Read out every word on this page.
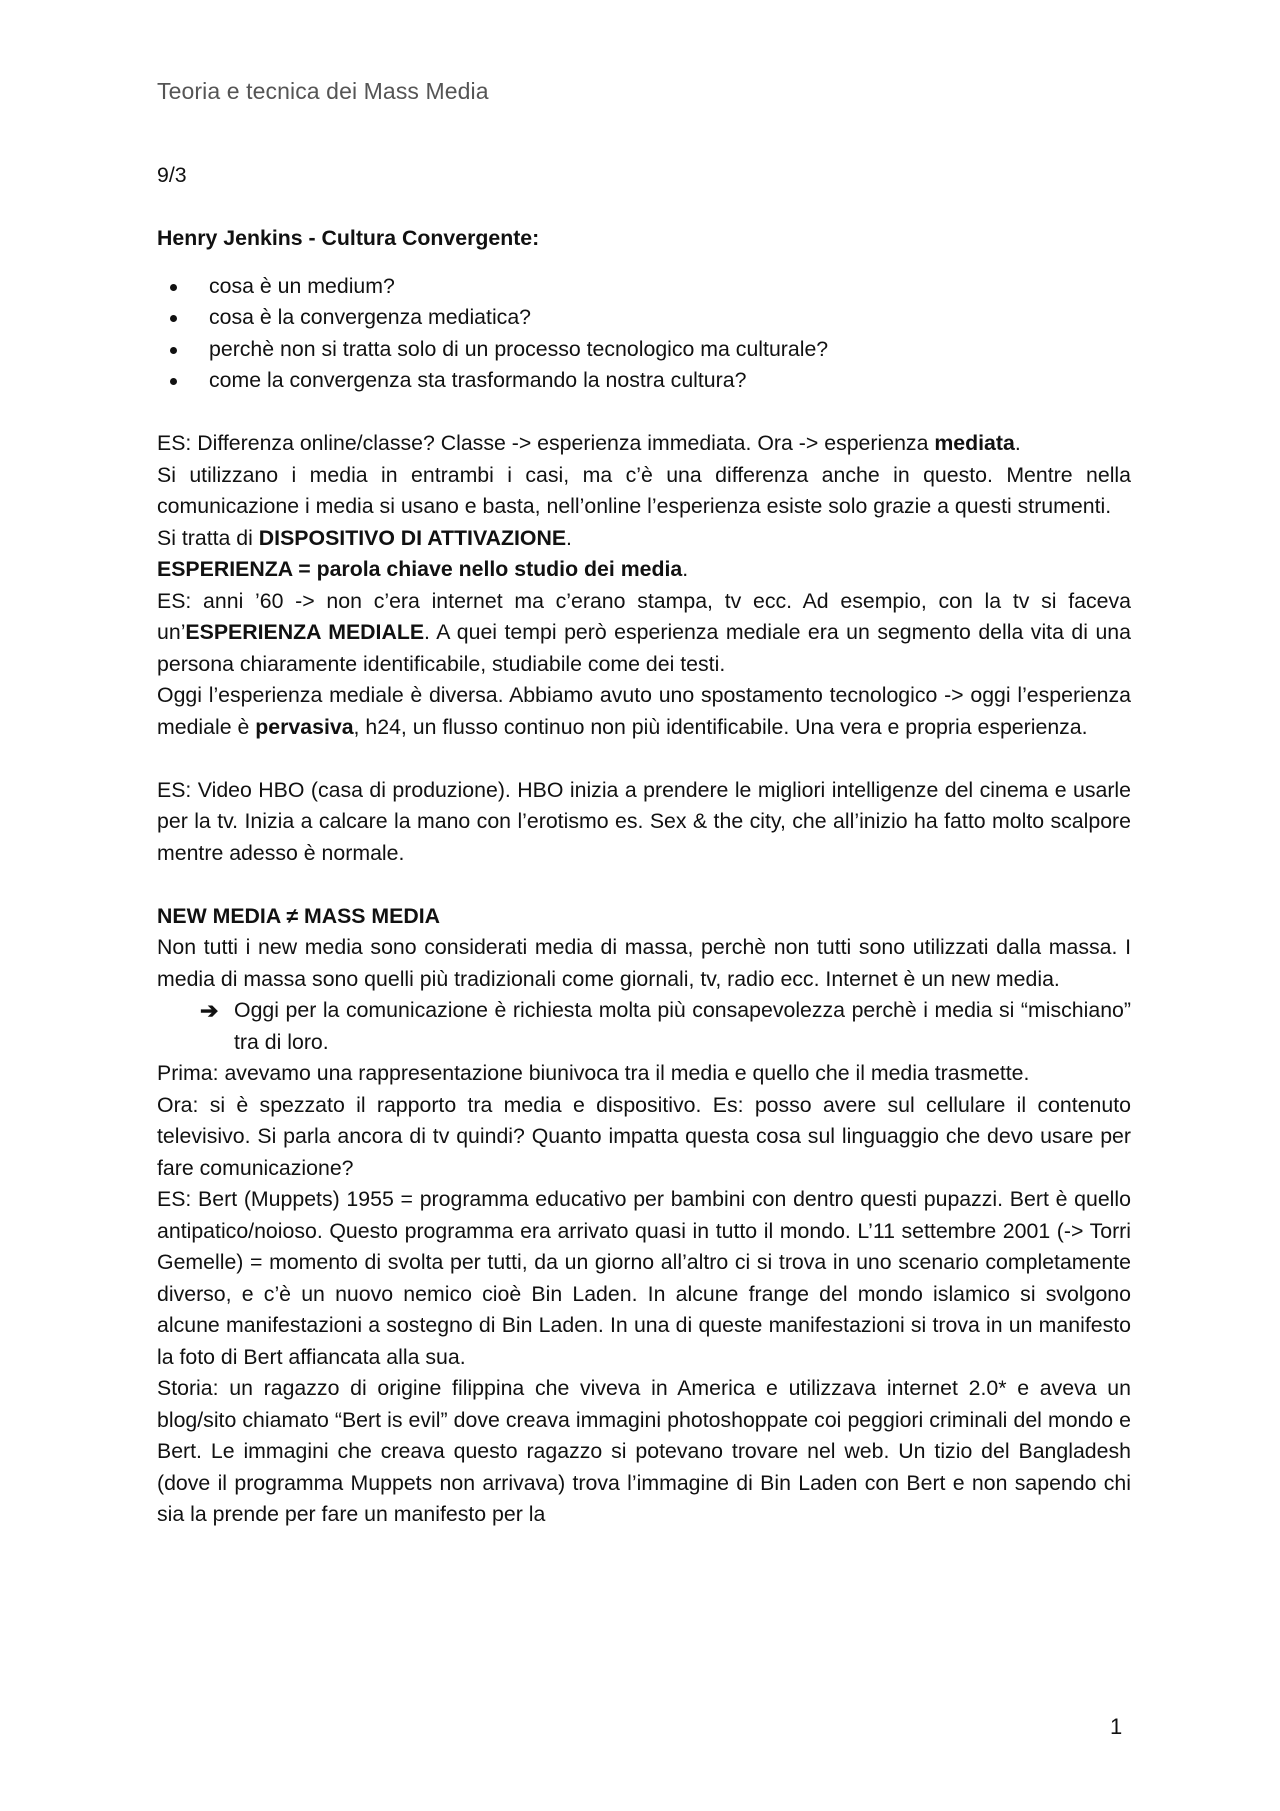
Teoria e tecnica dei Mass Media

9/3

Henry Jenkins - Cultura Convergente:

cosa è un medium?
cosa è la convergenza mediatica?
perchè non si tratta solo di un processo tecnologico ma culturale?
come la convergenza sta trasformando la nostra cultura?

ES: Differenza online/classe? Classe -> esperienza immediata. Ora -> esperienza mediata.

Si utilizzano i media in entrambi i casi, ma c’è una differenza anche in questo. Mentre nella comunicazione i media si usano e basta, nell’online l’esperienza esiste solo grazie a questi strumenti.

Si tratta di DISPOSITIVO DI ATTIVAZIONE.

ESPERIENZA = parola chiave nello studio dei media.

ES: anni ’60 -> non c’era internet ma c’erano stampa, tv ecc. Ad esempio, con la tv si faceva un’ESPERIENZA MEDIALE. A quei tempi però esperienza mediale era un segmento della vita di una persona chiaramente identificabile, studiabile come dei testi.

Oggi l’esperienza mediale è diversa. Abbiamo avuto uno spostamento tecnologico -> oggi l’esperienza mediale è pervasiva, h24, un flusso continuo non più identificabile. Una vera e propria esperienza.

ES: Video HBO (casa di produzione). HBO inizia a prendere le migliori intelligenze del cinema e usarle per la tv. Inizia a calcare la mano con l’erotismo es. Sex & the city, che all’inizio ha fatto molto scalpore mentre adesso è normale.

NEW MEDIA ≠ MASS MEDIA

Non tutti i new media sono considerati media di massa, perchè non tutti sono utilizzati dalla massa. I media di massa sono quelli più tradizionali come giornali, tv, radio ecc. Internet è un new media.

➔ Oggi per la comunicazione è richiesta molta più consapevolezza perchè i media si “mischiano” tra di loro.

Prima: avevamo una rappresentazione biunivoca tra il media e quello che il media trasmette.

Ora: si è spezzato il rapporto tra media e dispositivo. Es: posso avere sul cellulare il contenuto televisivo. Si parla ancora di tv quindi? Quanto impatta questa cosa sul linguaggio che devo usare per fare comunicazione?

ES: Bert (Muppets) 1955 = programma educativo per bambini con dentro questi pupazzi. Bert è quello antipatico/noioso. Questo programma era arrivato quasi in tutto il mondo. L’11 settembre 2001 (-> Torri Gemelle) = momento di svolta per tutti, da un giorno all’altro ci si trova in uno scenario completamente diverso, e c’è un nuovo nemico cioè Bin Laden. In alcune frange del mondo islamico si svolgono alcune manifestazioni a sostegno di Bin Laden. In una di queste manifestazioni si trova in un manifesto la foto di Bert affiancata alla sua.

Storia: un ragazzo di origine filippina che viveva in America e utilizzava internet 2.0* e aveva un blog/sito chiamato “Bert is evil” dove creava immagini photoshoppate coi peggiori criminali del mondo e Bert. Le immagini che creava questo ragazzo si potevano trovare nel web. Un tizio del Bangladesh (dove il programma Muppets non arrivava) trova l’immagine di Bin Laden con Bert e non sapendo chi sia la prende per fare un manifesto per la

1
